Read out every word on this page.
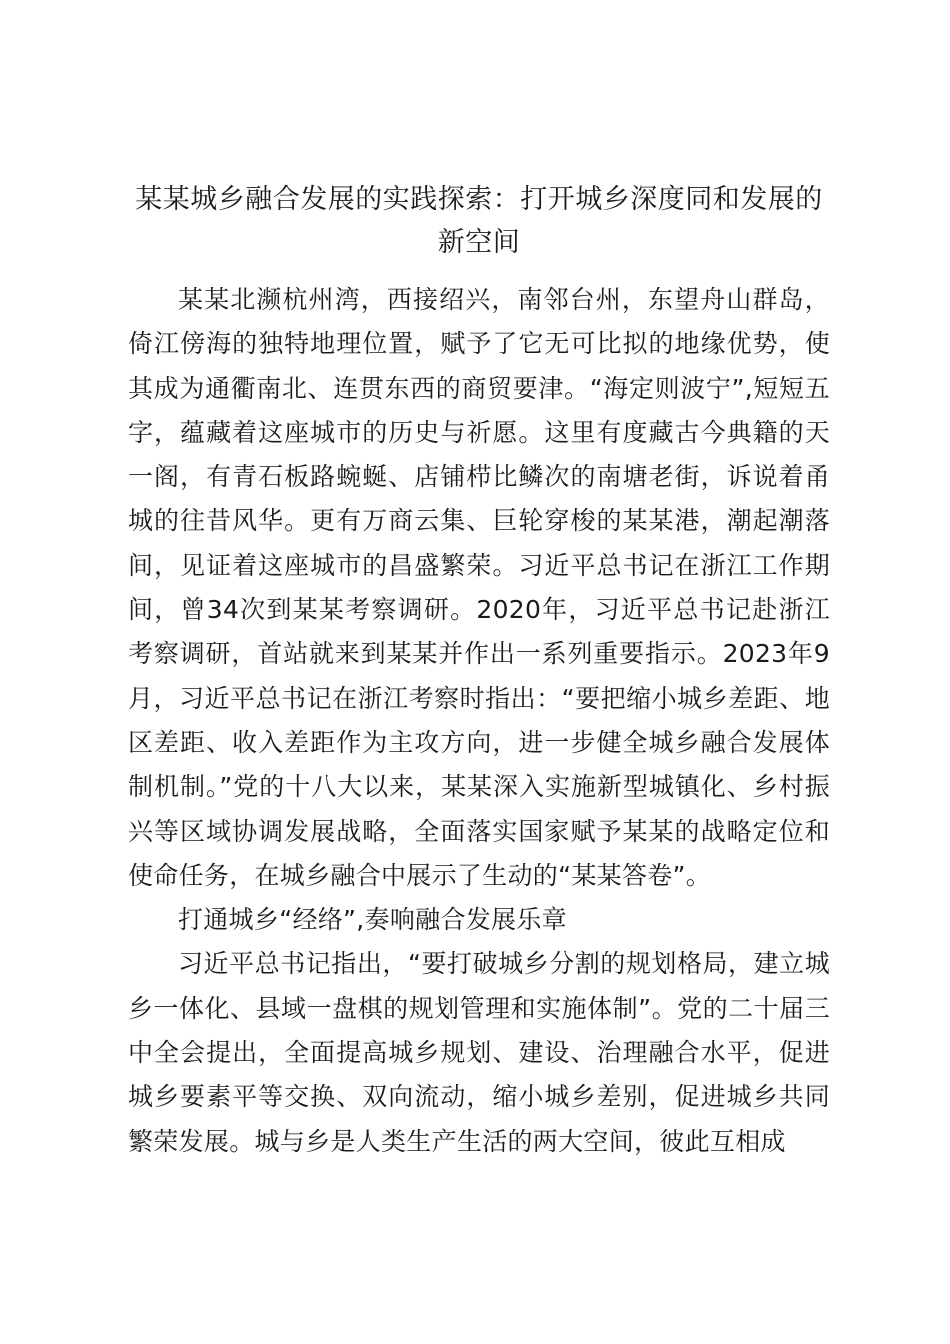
某某城乡融合发展的实践探索：打开城乡深度同和发展的新空间

某某北濒杭州湾，西接绍兴，南邻台州，东望舟山群岛，倚江傍海的独特地理位置，赋予了它无可比拟的地缘优势，使其成为通衢南北、连贯东西的商贸要津。“海定则波宁”,短短五字，蕴藏着这座城市的历史与祈愿。这里有度藏古今典籍的天一阁，有青石板路蜿蜒、店铺栉比鳞次的南塘老街，诉说着甬城的往昔风华。更有万商云集、巨轮穿梭的某某港，潮起潮落间，见证着这座城市的昌盛繁荣。习近平总书记在浙江工作期间，曾34次到某某考察调研。2020年，习近平总书记赴浙江考察调研，首站就来到某某并作出一系列重要指示。2023年9月，习近平总书记在浙江考察时指出：“要把缩小城乡差距、地区差距、收入差距作为主攻方向，进一步健全城乡融合发展体制机制。”党的十八大以来，某某深入实施新型城镇化、乡村振兴等区域协调发展战略，全面落实国家赋予某某的战略定位和使命任务，在城乡融合中展示了生动的“某某答卷”。

打通城乡“经络”,奏响融合发展乐章

习近平总书记指出，“要打破城乡分割的规划格局，建立城乡一体化、县域一盘棋的规划管理和实施体制”。党的二十届三中全会提出，全面提高城乡规划、建设、治理融合水平，促进城乡要素平等交换、双向流动，缩小城乡差别，促进城乡共同繁荣发展。城与乡是人类生产生活的两大空间，彼此互相成
